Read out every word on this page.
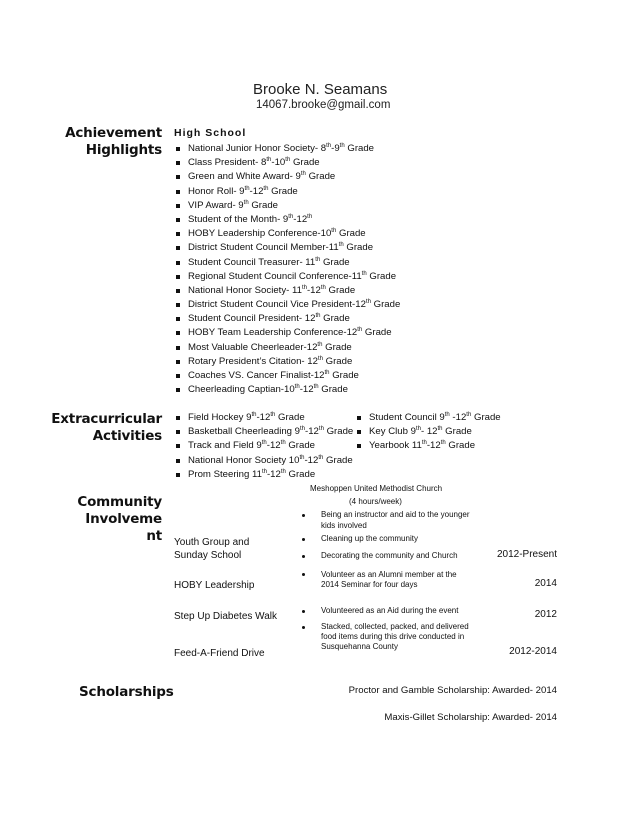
Brooke N. Seamans
14067.brooke@gmail.com
Achievement
Highlights
High School
National Junior Honor Society- 8th-9th Grade
Class President- 8th-10th Grade
Green and White Award- 9th Grade
Honor Roll- 9th-12th Grade
VIP Award- 9th Grade
Student of the Month- 9th-12th
HOBY Leadership Conference-10th Grade
District Student Council Member-11th Grade
Student Council Treasurer- 11th Grade
Regional Student Council Conference-11th Grade
National Honor Society- 11th-12th Grade
District Student Council Vice President-12th Grade
Student Council President- 12th Grade
HOBY Team Leadership Conference-12th Grade
Most Valuable Cheerleader-12th Grade
Rotary President’s Citation- 12th Grade
Coaches VS. Cancer Finalist-12th Grade
Cheerleading Captian-10th-12th Grade
Extracurricular
Activities
Field Hockey 9th-12th Grade
Basketball Cheerleading 9th-12th Grade
Track and Field 9th-12th Grade
National Honor Society 10th-12th Grade
Prom Steering 11th-12th Grade
Student Council 9th -12th Grade
Key Club 9th- 12th Grade
Yearbook 11th-12th Grade
Community
Involveme
nt
Meshoppen United Methodist Church
(4 hours/week)
Youth Group and
Sunday School
Being an instructor and aid to the younger
kids involved
Cleaning up the community
Decorating the community and Church	2012-Present
HOBY Leadership
Volunteer as an Alumni member at the
2014 Seminar for four days	2014
Step Up Diabetes Walk
Volunteered as an Aid during the event	2012
Feed-A-Friend Drive
Stacked, collected, packed, and delivered
food items during this drive conducted in
Susquehanna County	2012-2014
Scholarships	Proctor and Gamble Scholarship: Awarded- 2014
Maxis-Gillet Scholarship: Awarded- 2014
